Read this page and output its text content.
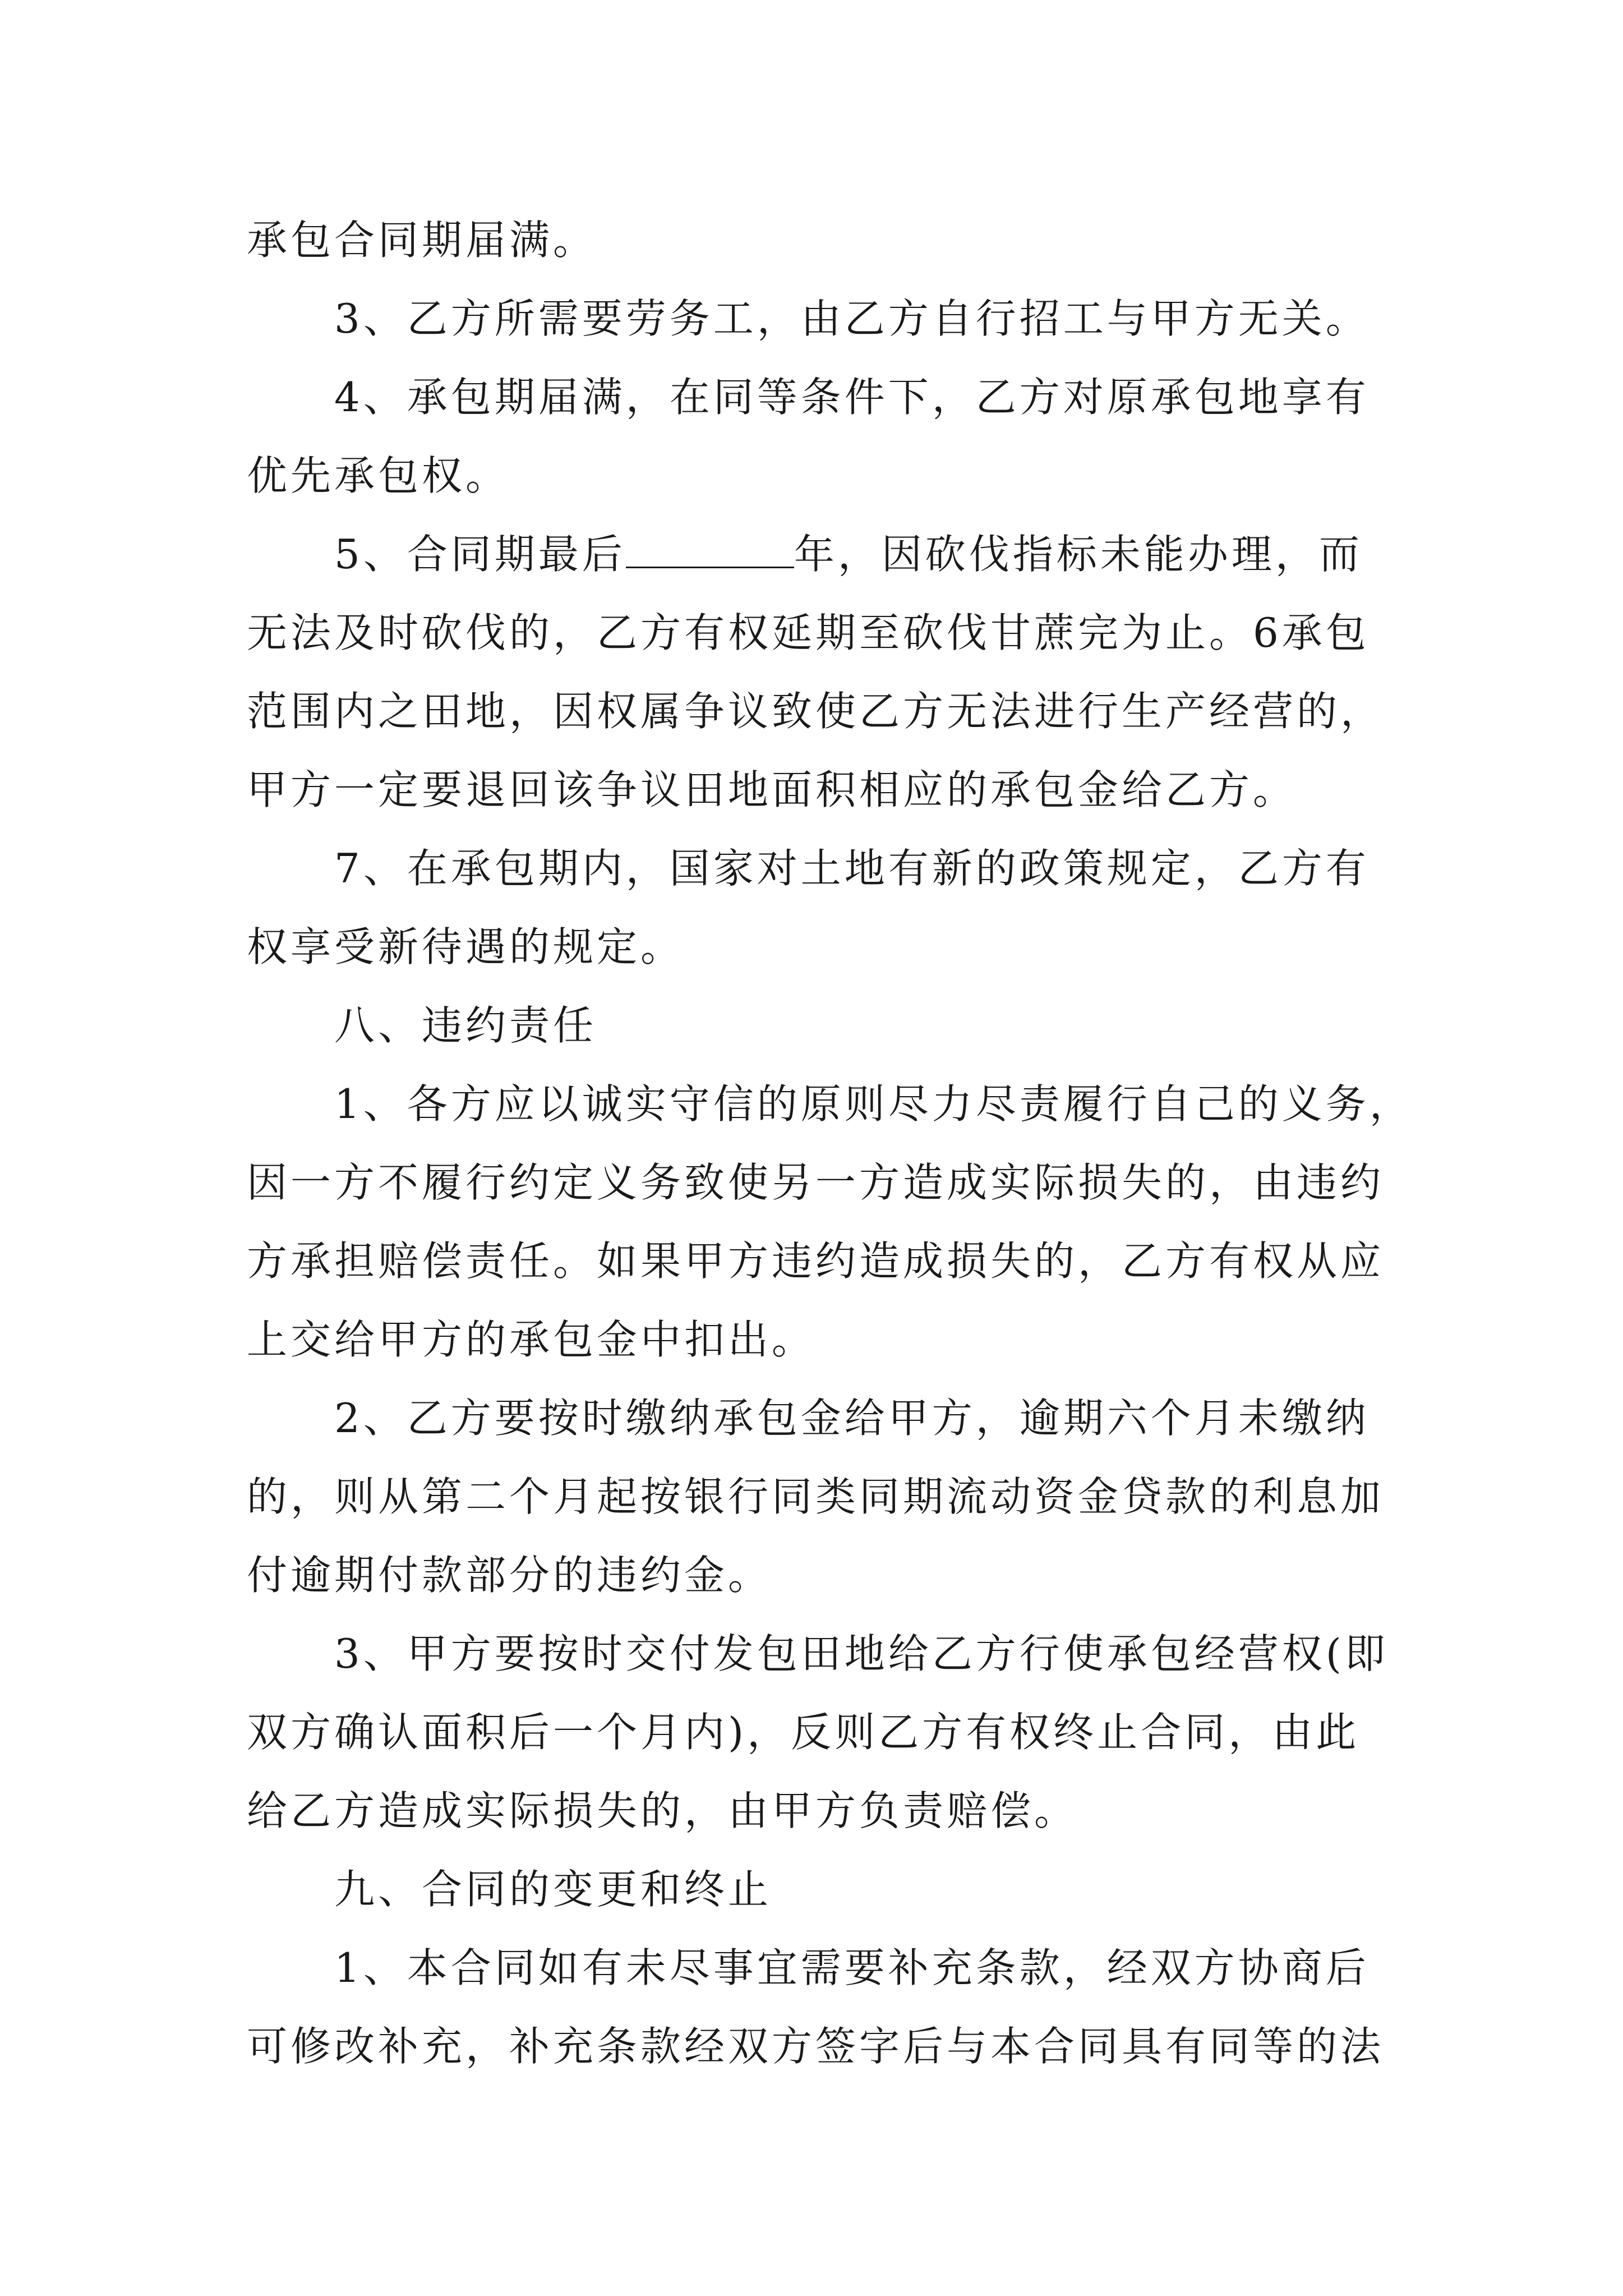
承包合同期届满。
3、乙方所需要劳务工，由乙方自行招工与甲方无关。
4、承包期届满，在同等条件下，乙方对原承包地享有
优先承包权。
5、合同期最后	年，因砍伐指标未能办理，而
无法及时砍伐的，乙方有权延期至砍伐甘蔗完为止。6承包
范围内之田地，因权属争议致使乙方无法进行生产经营的，
甲方一定要退回该争议田地面积相应的承包金给乙方。
7、在承包期内，国家对土地有新的政策规定，乙方有
权享受新待遇的规定。
八、违约责任
1、各方应以诚实守信的原则尽力尽责履行自己的义务，
因一方不履行约定义务致使另一方造成实际损失的，由违约
方承担赔偿责任。如果甲方违约造成损失的，乙方有权从应
上交给甲方的承包金中扣出。
2、乙方要按时缴纳承包金给甲方，逾期六个月未缴纳
的，则从第二个月起按银行同类同期流动资金贷款的利息加
付逾期付款部分的违约金。
3、甲方要按时交付发包田地给乙方行使承包经营权(即
双方确认面积后一个月内)，反则乙方有权终止合同，由此
给乙方造成实际损失的，由甲方负责赔偿。
九、合同的变更和终止
1、本合同如有未尽事宜需要补充条款，经双方协商后
可修改补充，补充条款经双方签字后与本合同具有同等的法
